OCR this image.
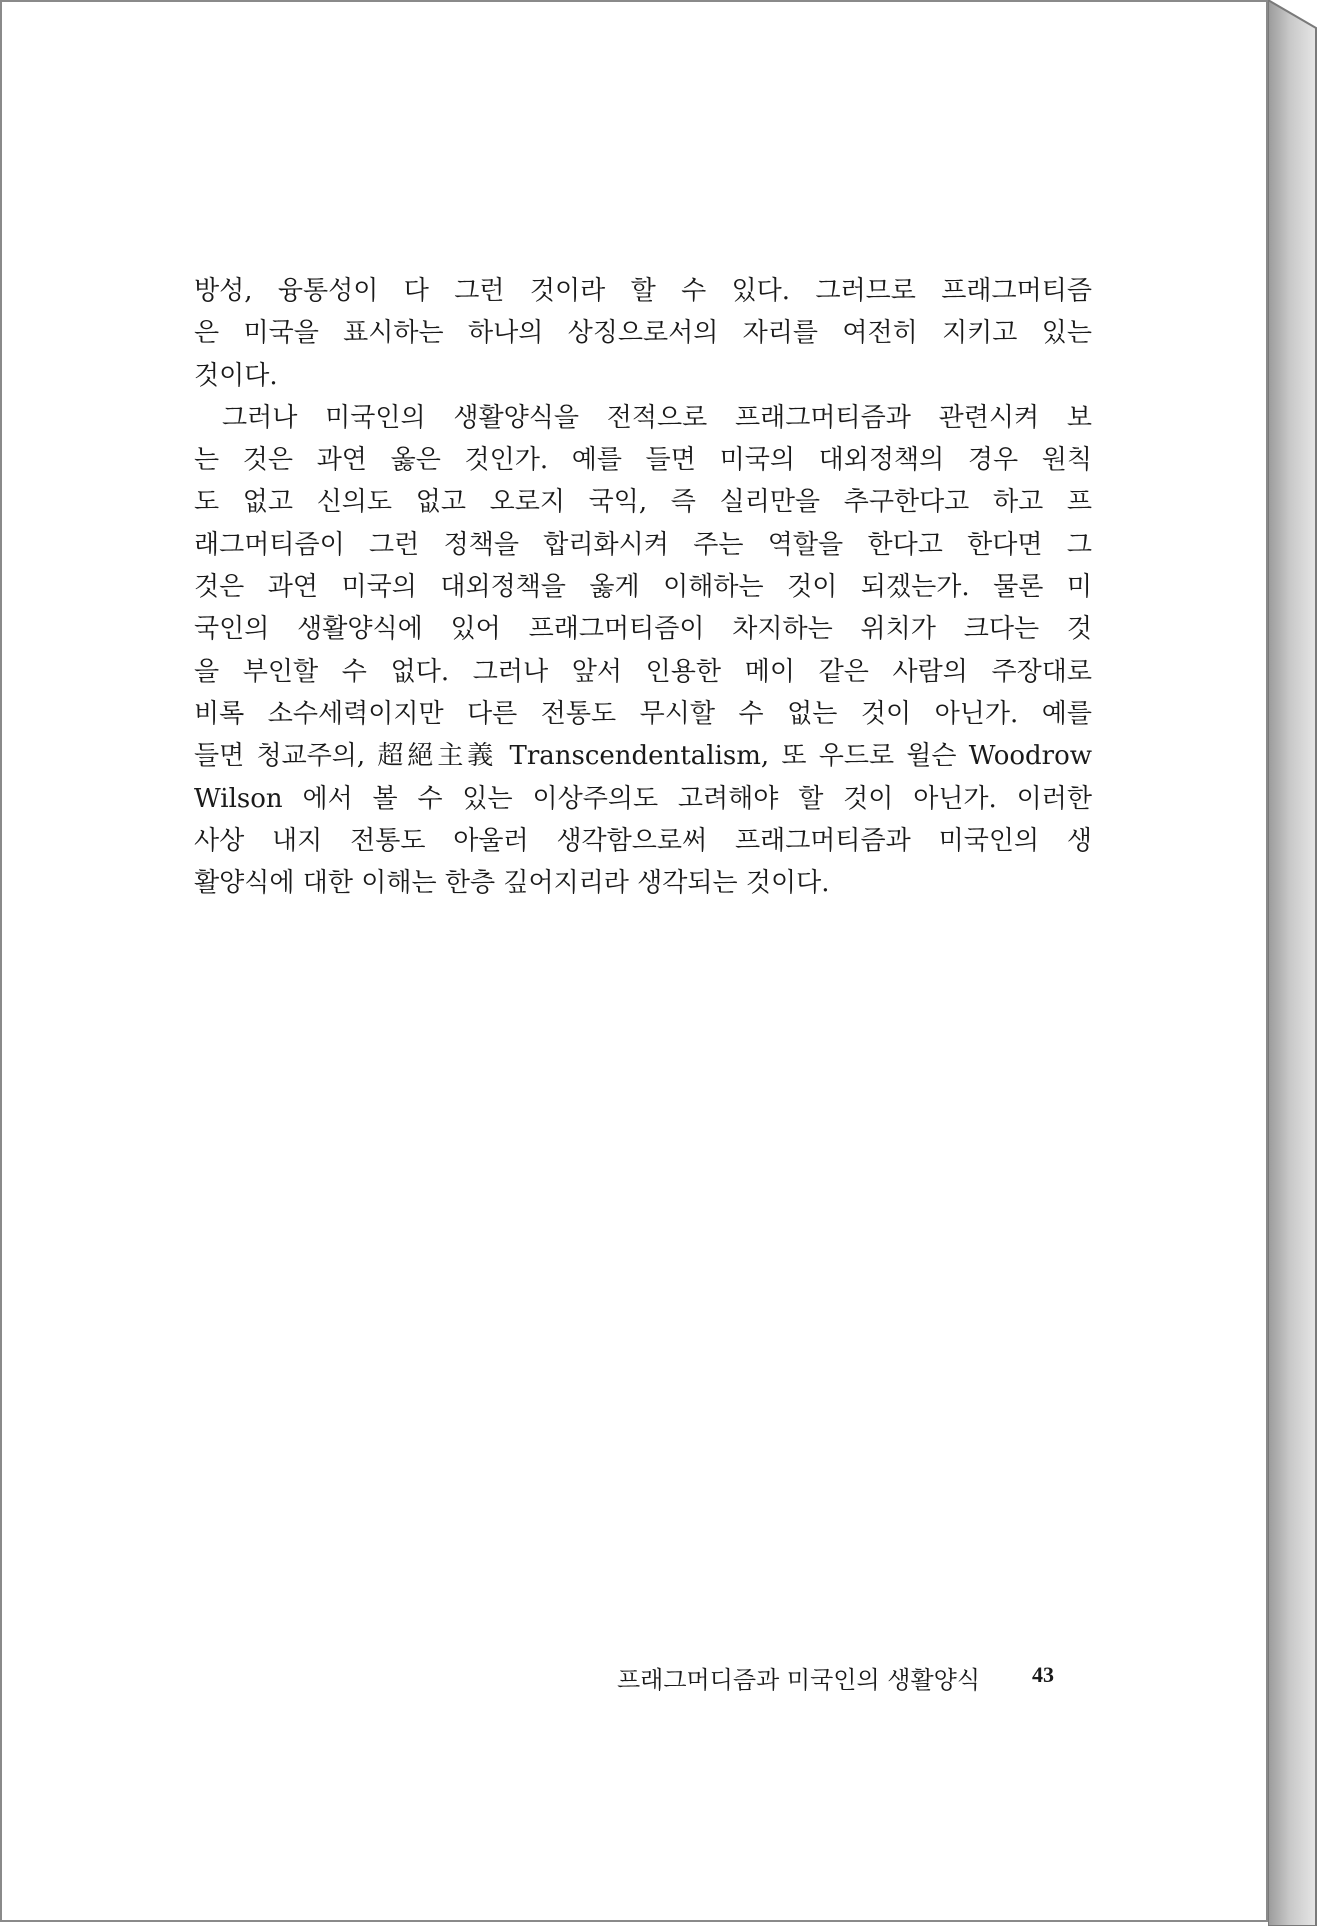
방성, 융통성이 다 그런 것이라 할 수 있다. 그러므로 프래그머티즘
은 미국을 표시하는 하나의 상징으로서의 자리를 여전히 지키고 있는
것이다.
그러나 미국인의 생활양식을 전적으로 프래그머티즘과 관련시켜 보
는 것은 과연 옳은 것인가. 예를 들면 미국의 대외정책의 경우 원칙
도 없고 신의도 없고 오로지 국익, 즉 실리만을 추구한다고 하고 프
래그머티즘이 그런 정책을 합리화시켜 주는 역할을 한다고 한다면 그
것은 과연 미국의 대외정책을 옳게 이해하는 것이 되겠는가. 물론 미
국인의 생활양식에 있어 프래그머티즘이 차지하는 위치가 크다는 것
을 부인할 수 없다. 그러나 앞서 인용한 메이 같은 사람의 주장대로
비록 소수세력이지만 다른 전통도 무시할 수 없는 것이 아닌가. 예를
들면 청교주의, 超絕主義 Transcendentalism, 또 우드로 윌슨 Woodrow
Wilson 에서 볼 수 있는 이상주의도 고려해야 할 것이 아닌가. 이러한
사상 내지 전통도 아울러 생각함으로써 프래그머티즘과 미국인의 생
활양식에 대한 이해는 한층 깊어지리라 생각되는 것이다.
프래그머디즘과 미국인의 생활양식 43
